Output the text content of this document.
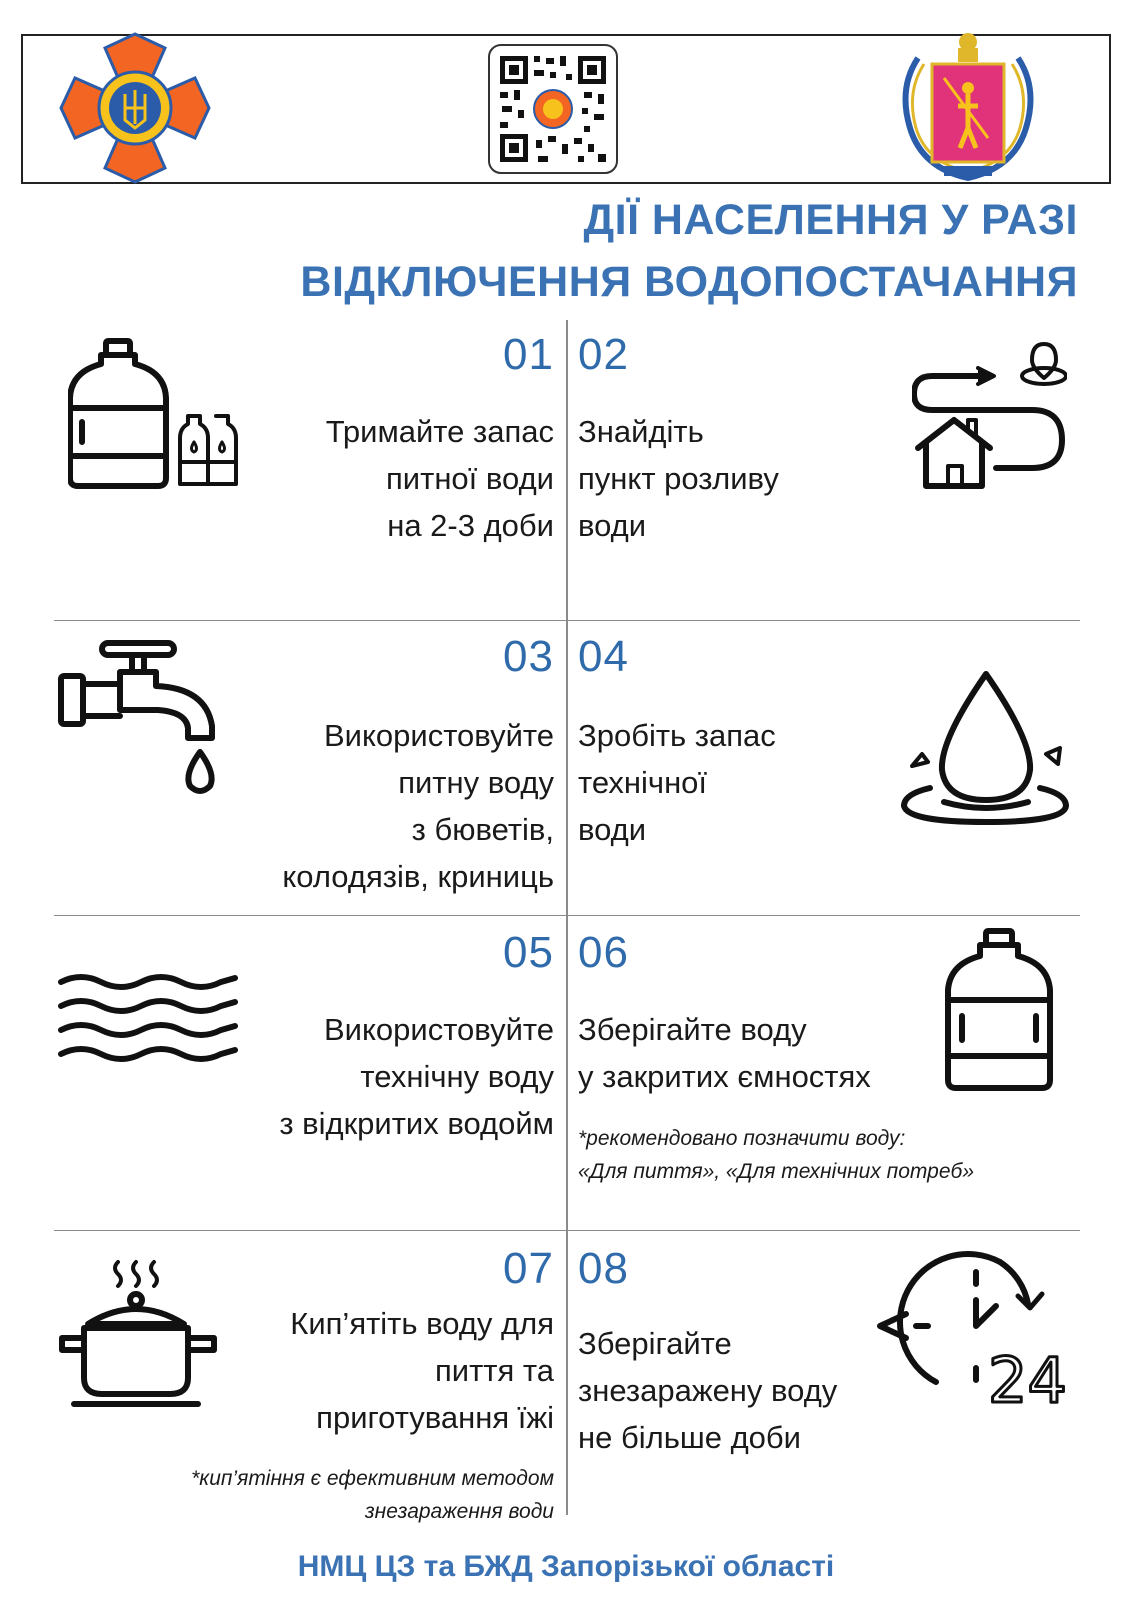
ДІЇ НАСЕЛЕННЯ У РАЗІ
ВІДКЛЮЧЕННЯ ВОДОПОСТАЧАННЯ
01
Тримайте запас
питної води
на 2-3 доби
02
Знайдіть
пункт розливу
води
03
Використовуйте
питну воду
з бюветів,
колодязів, криниць
04
Зробіть запас
технічної
води
05
Використовуйте
технічну воду
з відкритих водойм
06
Зберігайте воду
у закритих ємностях
*рекомендовано позначити воду:
«Для пиття», «Для технічних потреб»
07
Кип’ятіть воду для
пиття та
приготування їжі
*кип’ятіння є ефективним методом
знезараження води
08
Зберігайте
знезаражену воду
не більше доби
24
НМЦ ЦЗ та БЖД Запорізької області
